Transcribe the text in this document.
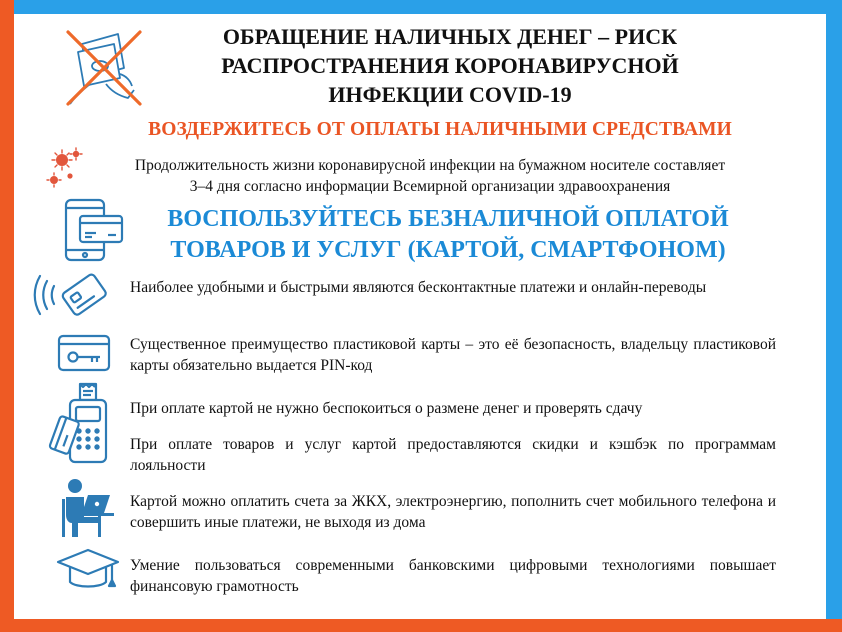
ОБРАЩЕНИЕ НАЛИЧНЫХ ДЕНЕГ – РИСК
РАСПРОСТРАНЕНИЯ КОРОНАВИРУСНОЙ
ИНФЕКЦИИ COVID-19
ВОЗДЕРЖИТЕСЬ ОТ ОПЛАТЫ НАЛИЧНЫМИ СРЕДСТВАМИ

Продолжительность жизни коронавирусной инфекции на бумажном носителе составляет
3–4 дня согласно информации Всемирной организации здравоохранения

ВОСПОЛЬЗУЙТЕСЬ БЕЗНАЛИЧНОЙ ОПЛАТОЙ
ТОВАРОВ И УСЛУГ (КАРТОЙ, СМАРТФОНОМ)

Наиболее удобными и быстрыми являются бесконтактные платежи и онлайн-переводы

Существенное преимущество пластиковой карты – это её безопасность, владельцу пластиковой карты обязательно выдается PIN-код

При оплате картой не нужно беспокоиться о размене денег и проверять сдачу

При оплате товаров и услуг картой предоставляются скидки и кэшбэк по программам лояльности

Картой можно оплатить счета за ЖКХ, электроэнергию, пополнить счет мобильного телефона и совершить иные платежи, не выходя из дома

Умение пользоваться современными банковскими цифровыми технологиями повышает финансовую грамотность
